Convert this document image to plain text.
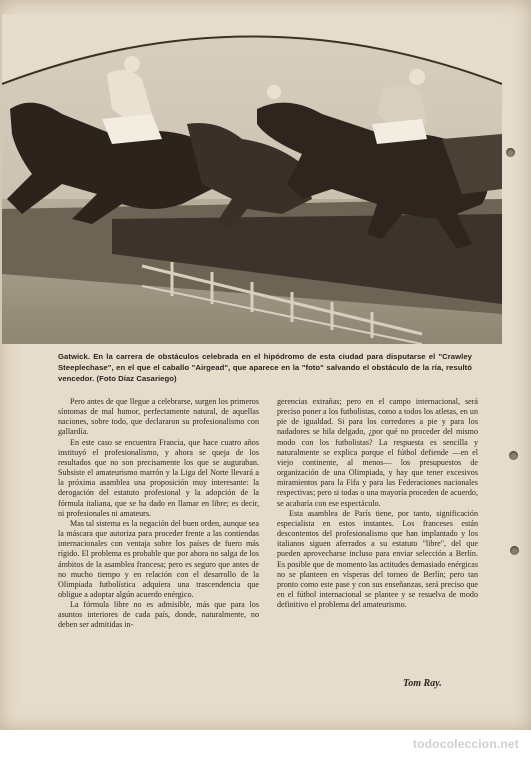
Gatwick. En la carrera de obstáculos celebrada en el hipódromo de esta ciudad para disputarse el "Crawley Steeplechase", en el que el caballo "Airgead", que aparece en la "foto" salvando el obstáculo de la ría, resultó vencedor. (Foto Díaz Casariego)

Pero antes de que llegue a celebrarse, surgen los primeros síntomas de mal humor, perfectamente natural, de aquellas naciones, sobre todo, que declararon su profesionalismo con gallardía.

En este caso se encuentra Francia, que hace cuatro años instituyó el profesionalismo, y ahora se queja de los resultados que no son precisamente los que se auguraban. Subsiste el amateurismo marrón y la Liga del Norte llevará a la próxima asamblea una proposición muy interesante: la derogación del estatuto profesional y la adopción de la fórmula italiana, que se ha dado en llamar en libre; es decir, ni profesionales ni amateurs.

Mas tal sistema es la negación del buen orden, aunque sea la máscara que autoriza para proceder frente a las contiendas internacionales con ventaja sobre los países de fuero más rígido. El problema es probable que por ahora no salga de los ámbitos de la asamblea francesa; pero es seguro que antes de no mucho tiempo y en relación con el desarrollo de la Olimpiada futbolística adquiera una trascendencia que obligue a adoptar algún acuerdo enérgico.

La fórmula libre no es admisible, más que para los asuntos interiores de cada país, donde, naturalmente, no deben ser admitidas in-

gerencias extrañas; pero en el campo internacional, será preciso poner a los futbolistas, como a todos los atletas, en un pie de igualdad. Si para los corredores a pie y para los nadadores se hila delgado, ¿por qué no proceder del mismo modo con los futbolistas? La respuesta es sencilla y naturalmente se explica porque el fútbol defiende —en el viejo continente, al menos— los presupuestos de organización de una Olimpiada, y hay que tener excesivos miramientos para la Fifa y para las Federaciones nacionales respectivas; pero si todas o una mayoría proceden de acuerdo, se acabaría con ese espectáculo.

Esta asamblea de París tiene, por tanto, significación especialista en estos instantes. Los franceses están descontentos del profesionalismo que han implantado y los italianos siguen aferrados a su estatuto "libre", del que pueden aprovecharse incluso para enviar selección a Berlín. Es posible que de momento las actitudes demasiado enérgicas no se planteen en vísperas del torneo de Berlín; pero tan pronto como este pase y con sus enseñanzas, será preciso que en el fútbol internacional se plantee y se resuelva de modo definitivo el problema del amateurismo.

Tom Ray.
todocoleccion.net
